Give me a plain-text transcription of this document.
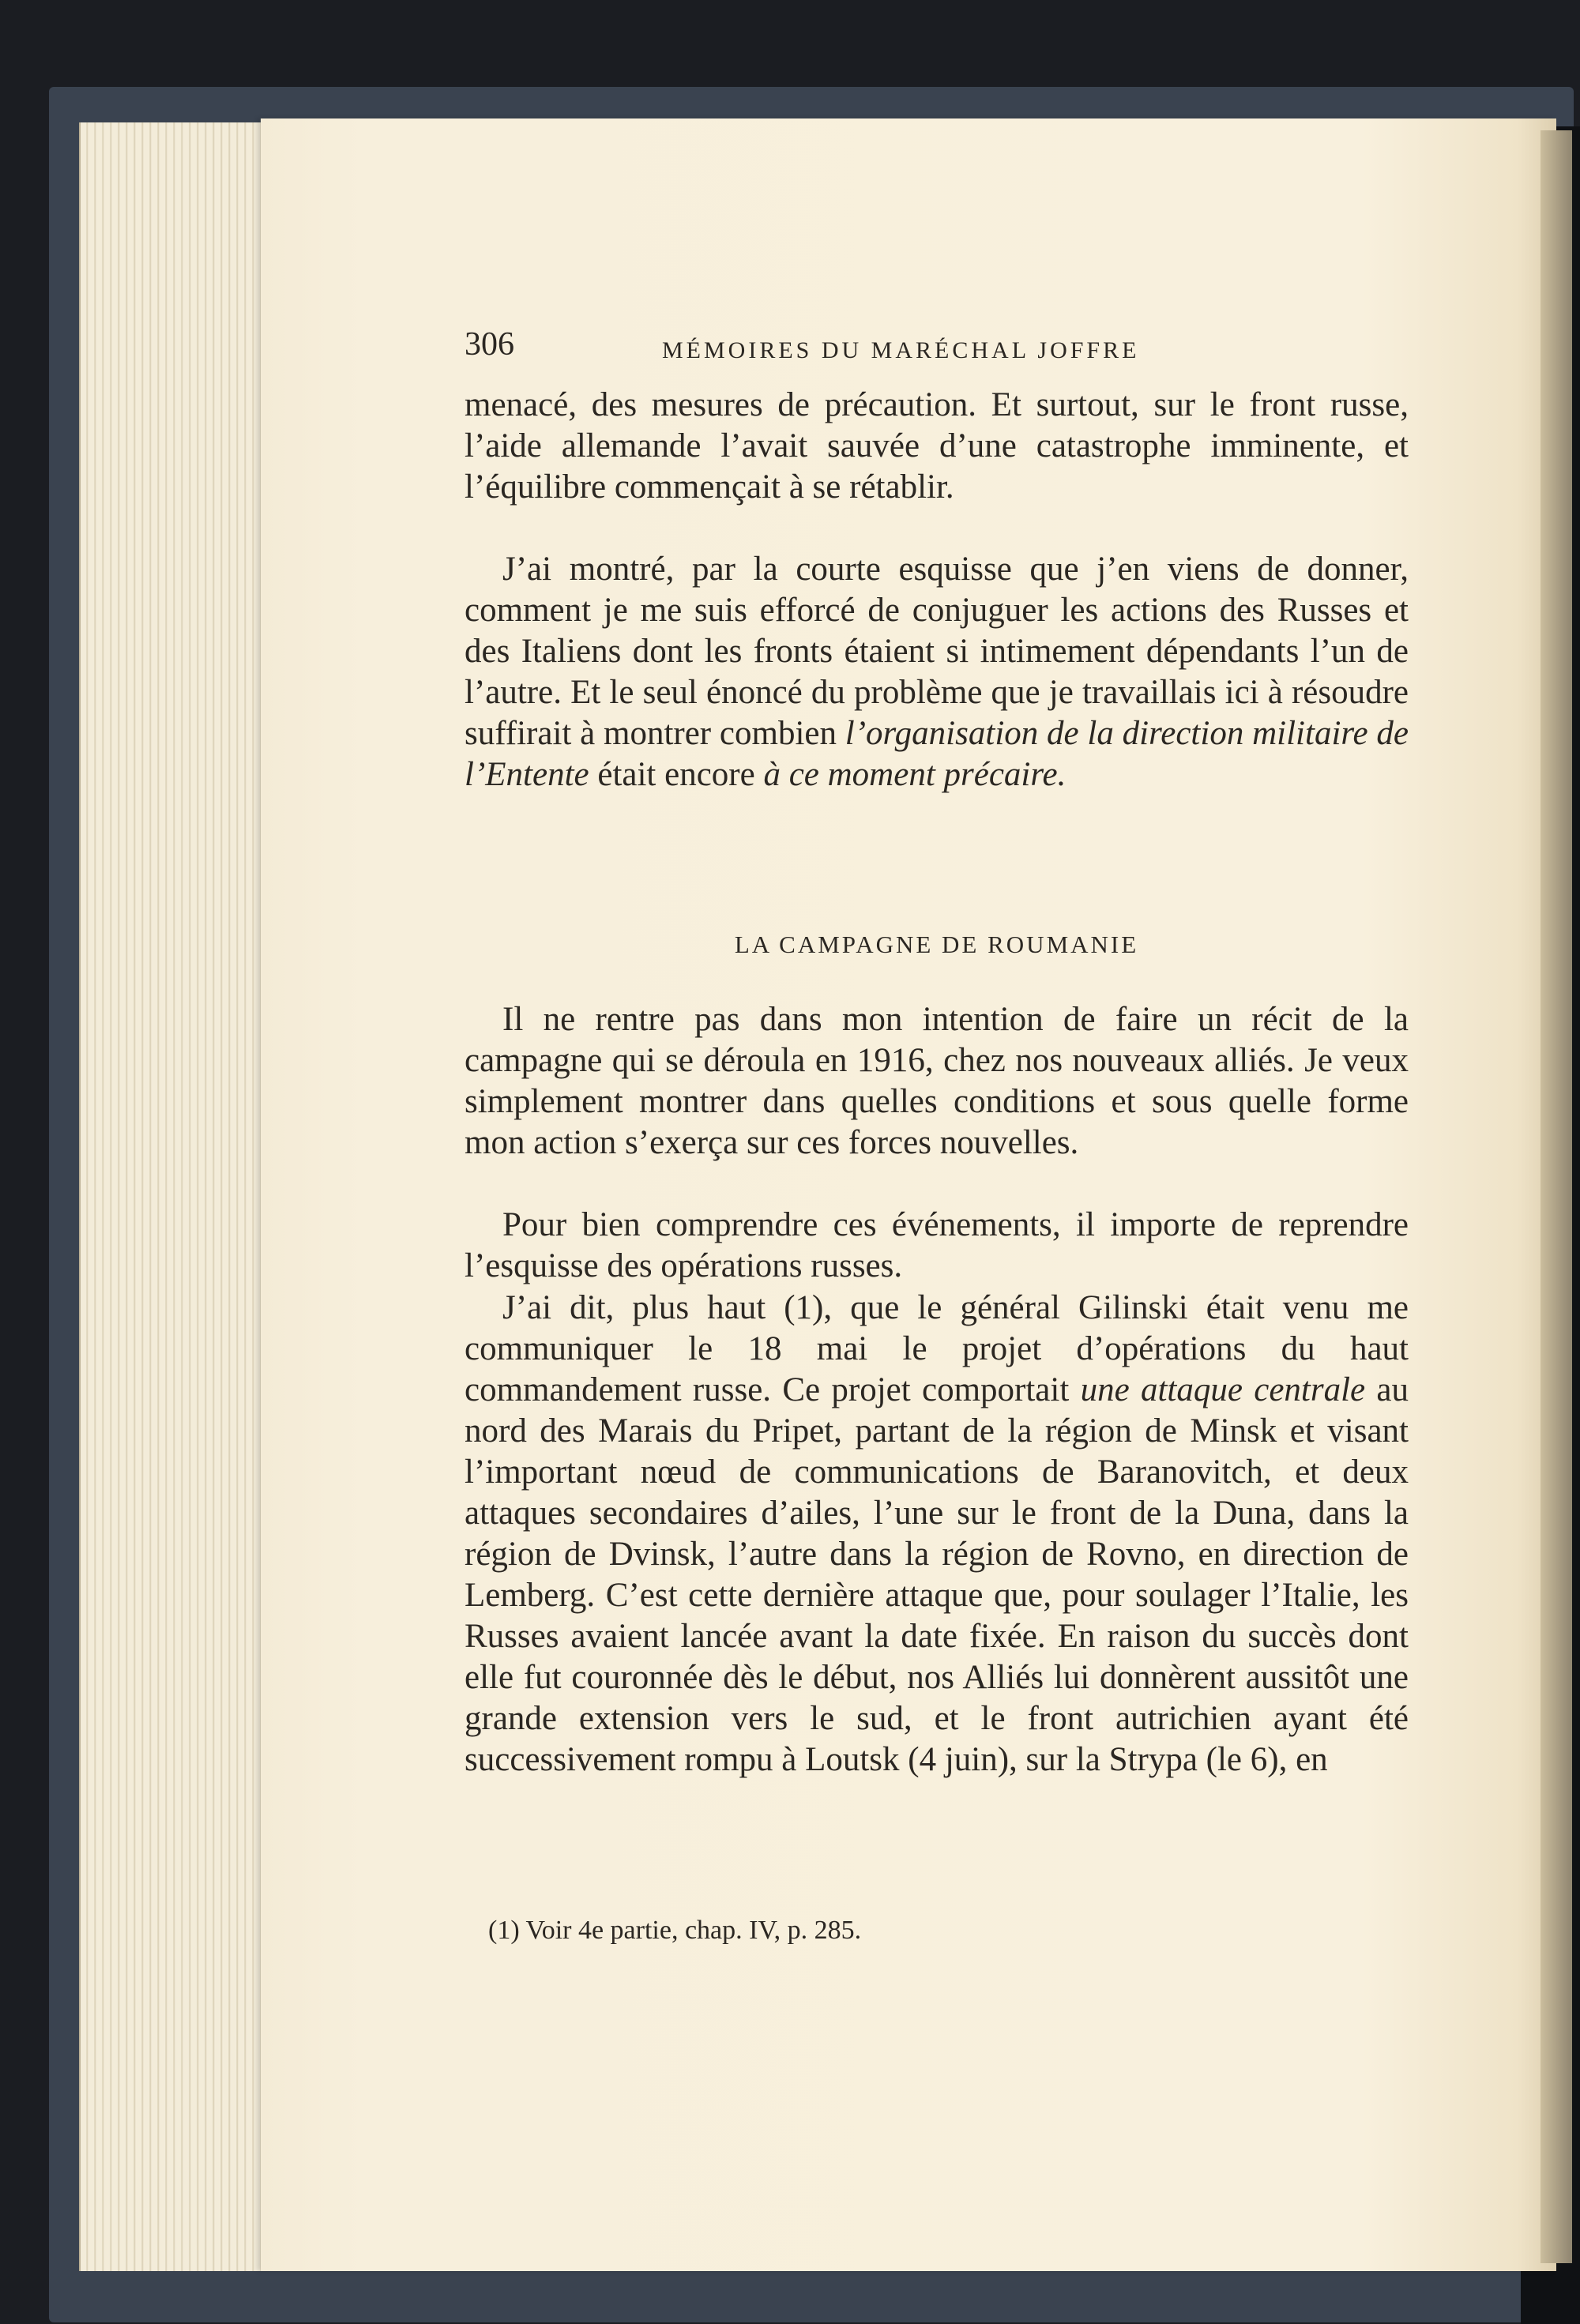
306	MÉMOIRES DU MARÉCHAL JOFFRE

menacé, des mesures de précaution. Et surtout, sur le front russe, l’aide allemande l’avait sauvée d’une catastrophe imminente, et l’équilibre commençait à se rétablir.

J’ai montré, par la courte esquisse que j’en viens de donner, comment je me suis efforcé de conjuguer les actions des Russes et des Italiens dont les fronts étaient si intimement dépendants l’un de l’autre. Et le seul énoncé du problème que je travaillais ici à résoudre suffirait à montrer combien l’organisation de la direction militaire de l’Entente était encore à ce moment précaire.

LA CAMPAGNE DE ROUMANIE

Il ne rentre pas dans mon intention de faire un récit de la campagne qui se déroula en 1916, chez nos nouveaux alliés. Je veux simplement montrer dans quelles conditions et sous quelle forme mon action s’exerça sur ces forces nouvelles.

Pour bien comprendre ces événements, il importe de reprendre l’esquisse des opérations russes.

J’ai dit, plus haut (1), que le général Gilinski était venu me communiquer le 18 mai le projet d’opérations du haut commandement russe. Ce projet comportait une attaque centrale au nord des Marais du Pripet, partant de la région de Minsk et visant l’important nœud de communications de Baranovitch, et deux attaques secondaires d’ailes, l’une sur le front de la Duna, dans la région de Dvinsk, l’autre dans la région de Rovno, en direction de Lemberg. C’est cette dernière attaque que, pour soulager l’Italie, les Russes avaient lancée avant la date fixée. En raison du succès dont elle fut couronnée dès le début, nos Alliés lui donnèrent aussitôt une grande extension vers le sud, et le front autrichien ayant été successivement rompu à Loutsk (4 juin), sur la Strypa (le 6), en

(1) Voir 4e partie, chap. IV, p. 285.
